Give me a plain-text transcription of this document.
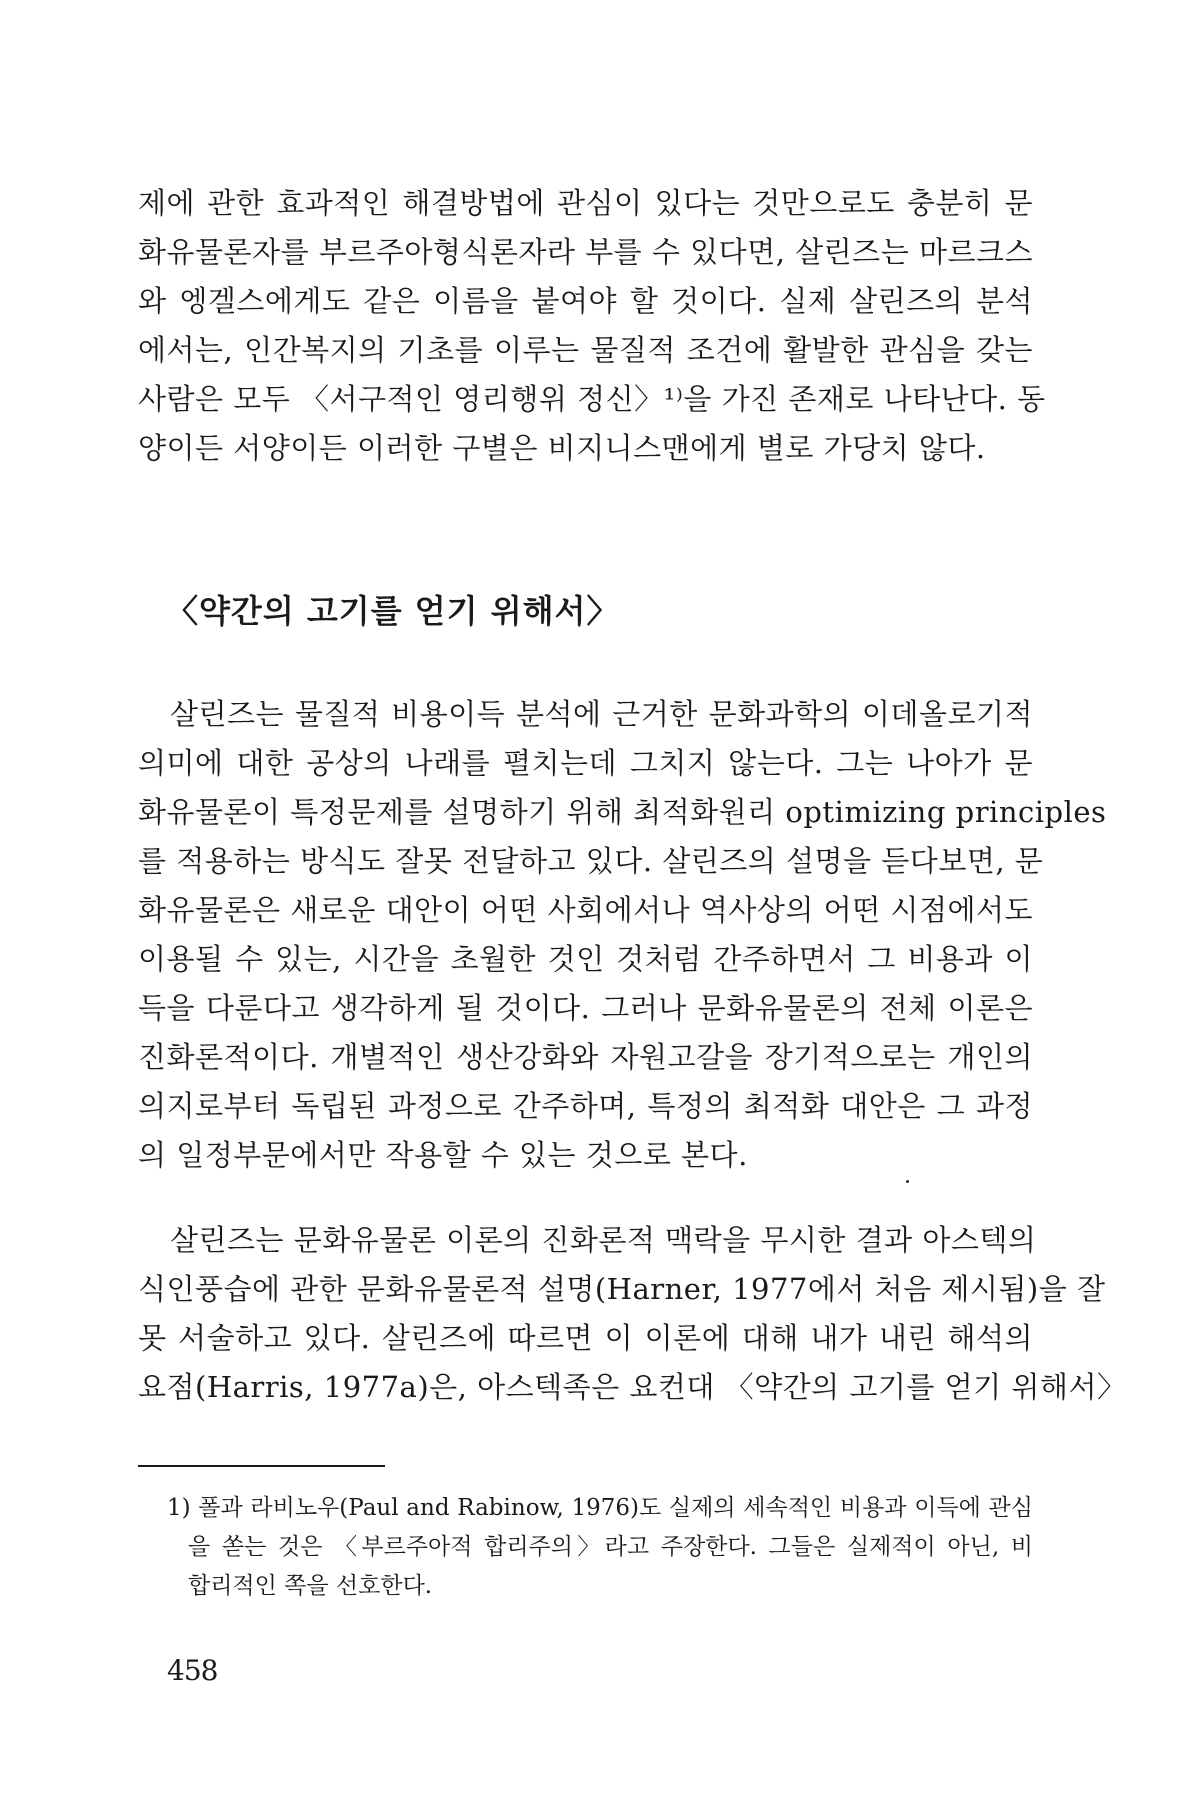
제에 관한 효과적인 해결방법에 관심이 있다는 것만으로도 충분히 문

화유물론자를 부르주아형식론자라 부를 수 있다면, 살린즈는 마르크스

와 엥겔스에게도 같은 이름을 붙여야 할 것이다. 실제 살린즈의 분석

에서는, 인간복지의 기초를 이루는 물질적 조건에 활발한 관심을 갖는

사람은 모두 〈서구적인 영리행위 정신〉¹⁾을 가진 존재로 나타난다. 동

양이든 서양이든 이러한 구별은 비지니스맨에게 별로 가당치 않다.

〈약간의 고기를 얻기 위해서〉

살린즈는 물질적 비용이득 분석에 근거한 문화과학의 이데올로기적

의미에 대한 공상의 나래를 펼치는데 그치지 않는다. 그는 나아가 문

화유물론이 특정문제를 설명하기 위해 최적화원리 optimizing principles

를 적용하는 방식도 잘못 전달하고 있다. 살린즈의 설명을 듣다보면, 문

화유물론은 새로운 대안이 어떤 사회에서나 역사상의 어떤 시점에서도

이용될 수 있는, 시간을 초월한 것인 것처럼 간주하면서 그 비용과 이

득을 다룬다고 생각하게 될 것이다. 그러나 문화유물론의 전체 이론은

진화론적이다. 개별적인 생산강화와 자원고갈을 장기적으로는 개인의

의지로부터 독립된 과정으로 간주하며, 특정의 최적화 대안은 그 과정

의 일정부문에서만 작용할 수 있는 것으로 본다.

살린즈는 문화유물론 이론의 진화론적 맥락을 무시한 결과 아스텍의

식인풍습에 관한 문화유물론적 설명(Harner, 1977에서 처음 제시됨)을 잘

못 서술하고 있다. 살린즈에 따르면 이 이론에 대해 내가 내린 해석의

요점(Harris, 1977a)은, 아스텍족은 요컨대 〈약간의 고기를 얻기 위해서〉

1) 폴과 라비노우(Paul and Rabinow, 1976)도 실제의 세속적인 비용과 이득에 관심

을 쏟는 것은 〈부르주아적 합리주의〉라고 주장한다. 그들은 실제적이 아닌, 비

합리적인 쪽을 선호한다.

458
